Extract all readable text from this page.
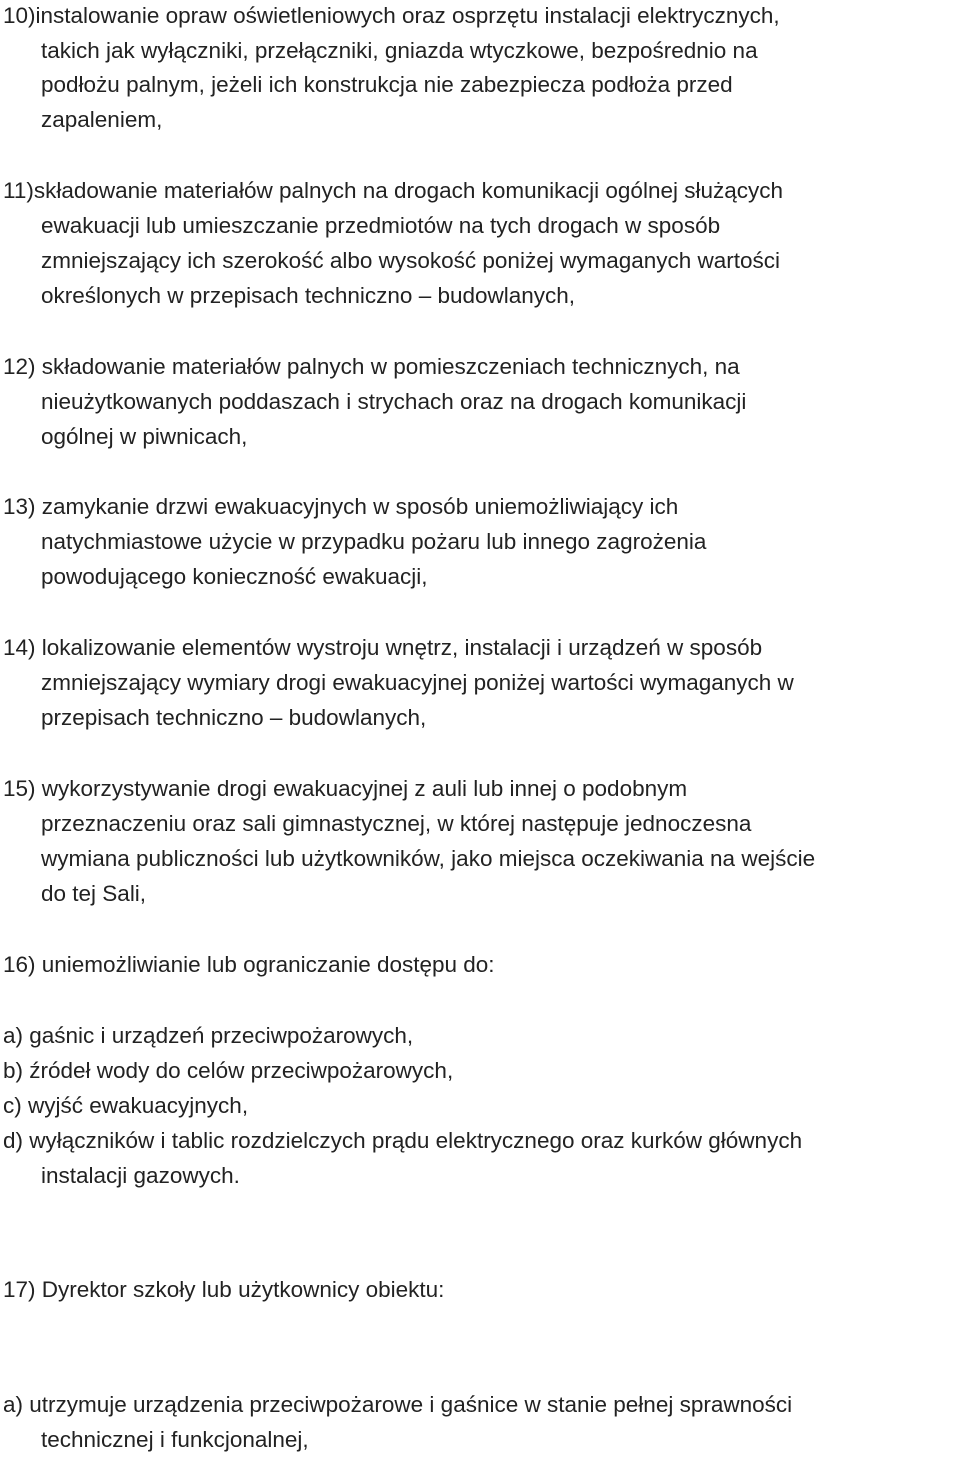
10)instalowanie opraw oświetleniowych oraz osprzętu instalacji elektrycznych,
takich jak wyłączniki, przełączniki, gniazda wtyczkowe, bezpośrednio na
podłożu palnym, jeżeli ich konstrukcja nie zabezpiecza podłoża przed
zapaleniem,
11)składowanie materiałów palnych na drogach komunikacji ogólnej służących
ewakuacji lub umieszczanie przedmiotów na tych drogach w sposób
zmniejszający ich szerokość albo wysokość poniżej wymaganych wartości
określonych w przepisach techniczno – budowlanych,
12) składowanie materiałów palnych w pomieszczeniach technicznych, na
nieużytkowanych poddaszach i strychach oraz na drogach komunikacji
ogólnej w piwnicach,
13) zamykanie drzwi ewakuacyjnych w sposób uniemożliwiający ich
natychmiastowe użycie w przypadku pożaru lub innego zagrożenia
powodującego konieczność ewakuacji,
14) lokalizowanie elementów wystroju wnętrz, instalacji i urządzeń w sposób
zmniejszający wymiary drogi ewakuacyjnej poniżej wartości wymaganych w
przepisach techniczno – budowlanych,
15) wykorzystywanie drogi ewakuacyjnej z auli lub innej o podobnym
przeznaczeniu oraz sali gimnastycznej, w której następuje jednoczesna
wymiana publiczności lub użytkowników, jako miejsca oczekiwania na wejście
do tej Sali,
16) uniemożliwianie lub ograniczanie dostępu do:
a) gaśnic i urządzeń przeciwpożarowych,
b) źródeł wody do celów przeciwpożarowych,
c) wyjść ewakuacyjnych,
d) wyłączników i tablic rozdzielczych prądu elektrycznego oraz kurków głównych
instalacji gazowych.
17) Dyrektor szkoły lub użytkownicy obiektu:
a) utrzymuje urządzenia przeciwpożarowe i gaśnice w stanie pełnej sprawności
technicznej i funkcjonalnej,
